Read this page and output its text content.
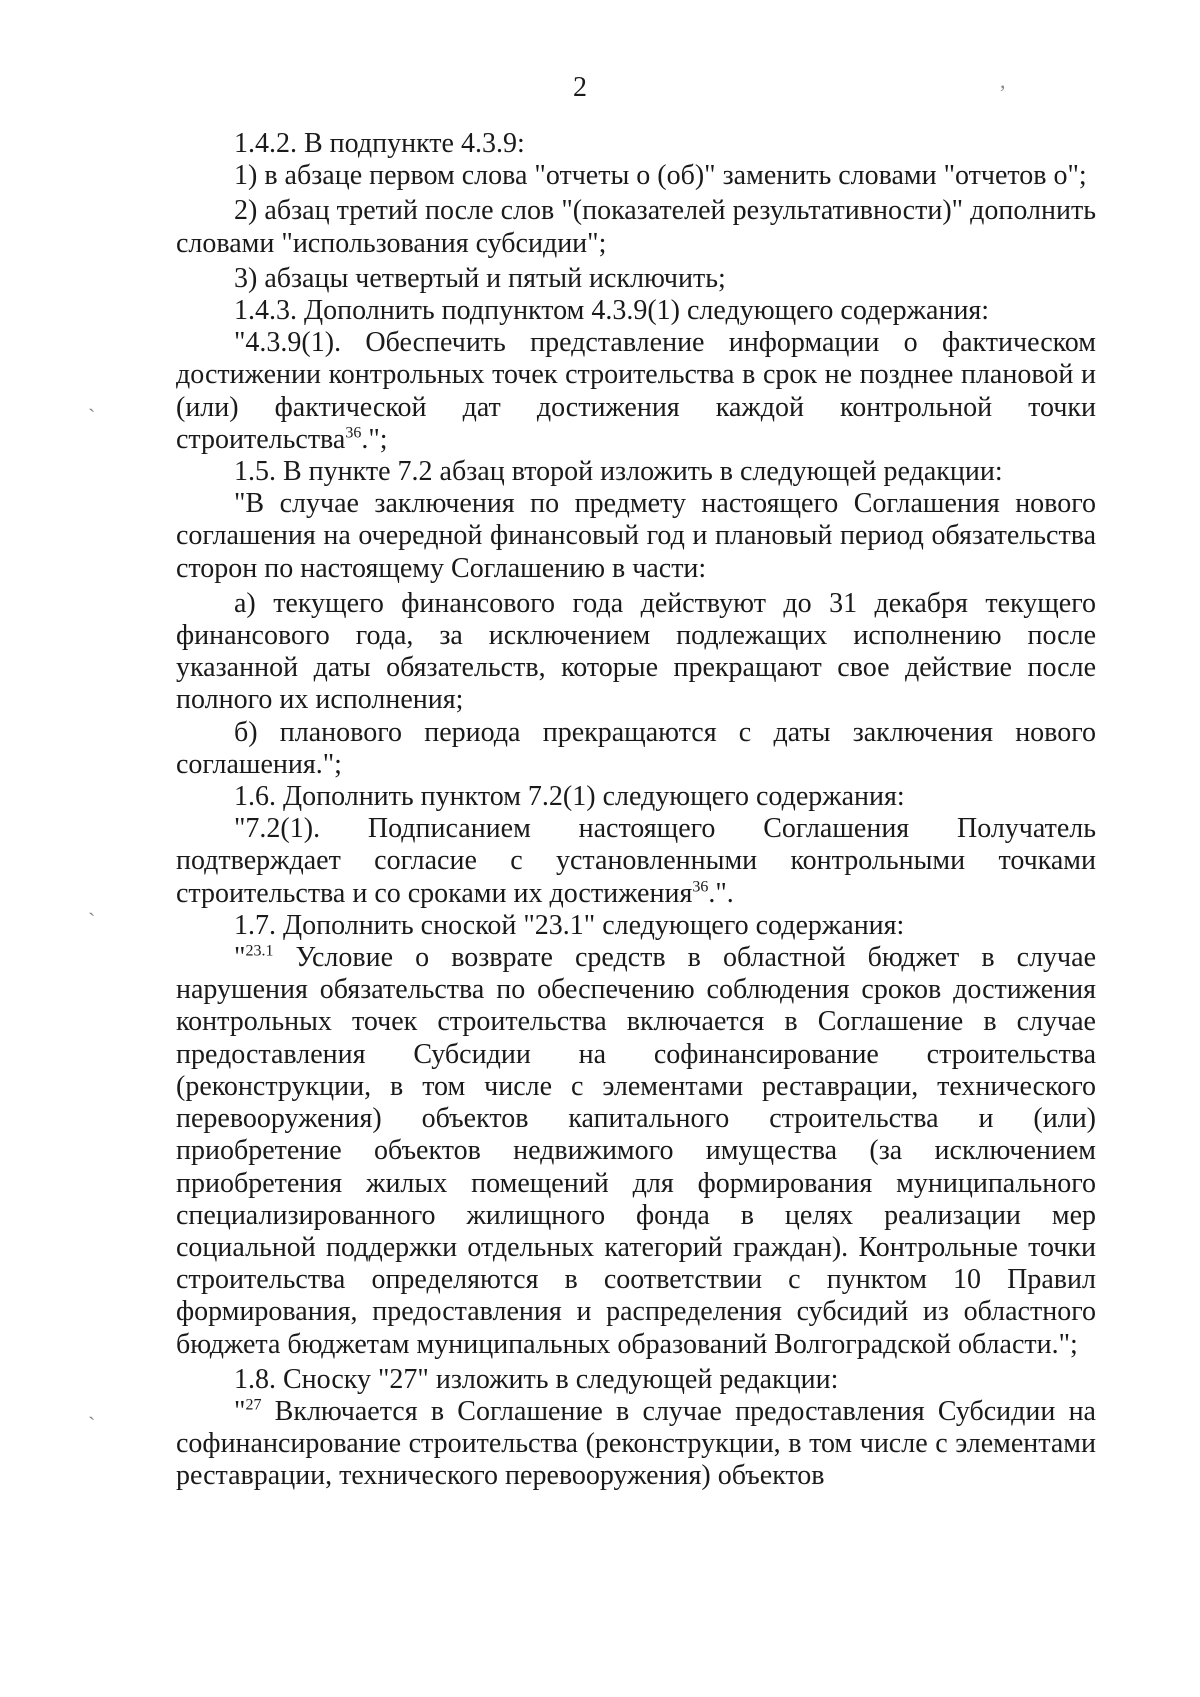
2	,
`
`
`

1.4.2. В подпункте 4.3.9:

1) в абзаце первом слова "отчеты о (об)" заменить словами "отчетов о";

2) абзац третий после слов "(показателей результативности)" дополнить словами "использования субсидии";

3) абзацы четвертый и пятый исключить;

1.4.3. Дополнить подпунктом 4.3.9(1) следующего содержания:

"4.3.9(1). Обеспечить представление информации о фактическом достижении контрольных точек строительства в срок не позднее плановой и (или) фактической дат достижения каждой контрольной точки строительства$^{36}$.";

1.5. В пункте 7.2 абзац второй изложить в следующей редакции:

"В случае заключения по предмету настоящего Соглашения нового соглашения на очередной финансовый год и плановый период обязательства сторон по настоящему Соглашению в части:

а) текущего финансового года действуют до 31 декабря текущего финансового года, за исключением подлежащих исполнению после указанной даты обязательств, которые прекращают свое действие после полного их исполнения;

б) планового периода прекращаются с даты заключения нового соглашения.";

1.6. Дополнить пунктом 7.2(1) следующего содержания:

"7.2(1). Подписанием настоящего Соглашения Получатель подтверждает согласие с установленными контрольными точками строительства и со сроками их достижения$^{36}$.".

1.7. Дополнить сноской "23.1" следующего содержания:

"$^{23.1}$ Условие о возврате средств в областной бюджет в случае нарушения обязательства по обеспечению соблюдения сроков достижения контрольных точек строительства включается в Соглашение в случае предоставления Субсидии на софинансирование строительства (реконструкции, в том числе с элементами реставрации, технического перевооружения) объектов капитального строительства и (или) приобретение объектов недвижимого имущества (за исключением приобретения жилых помещений для формирования муниципального специализированного жилищного фонда в целях реализации мер социальной поддержки отдельных категорий граждан). Контрольные точки строительства определяются в соответствии с пунктом 10 Правил формирования, предоставления и распределения субсидий из областного бюджета бюджетам муниципальных образований Волгоградской области.";

1.8. Сноску "27" изложить в следующей редакции:

"$^{27}$ Включается в Соглашение в случае предоставления Субсидии на софинансирование строительства (реконструкции, в том числе с элементами реставрации, технического перевооружения) объектов
